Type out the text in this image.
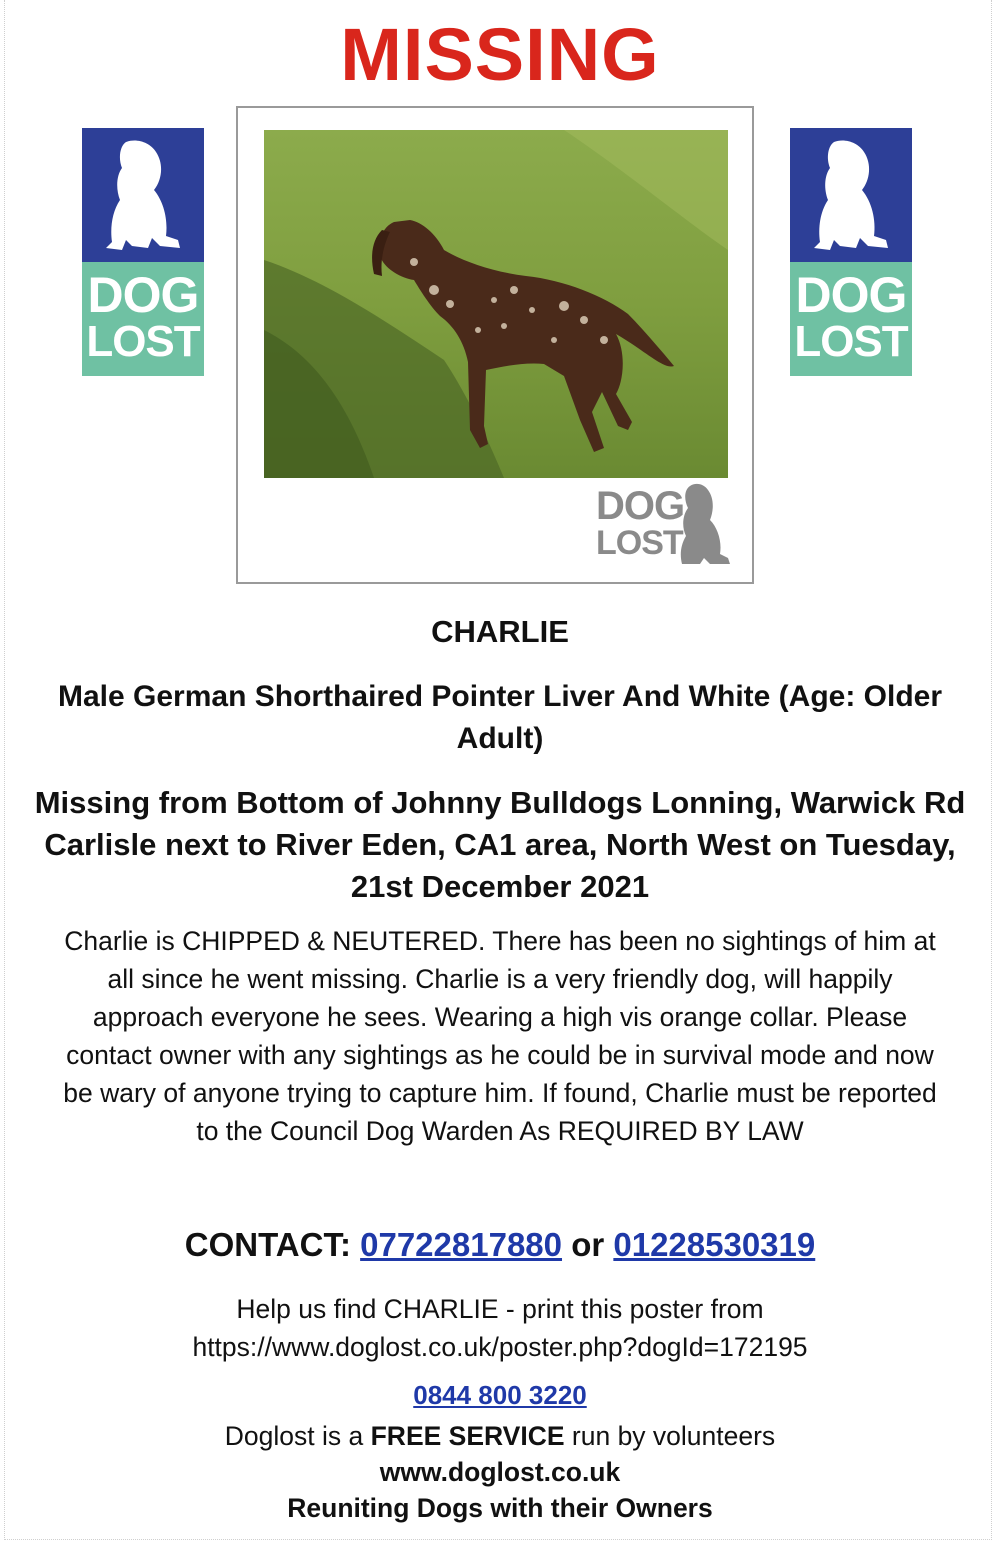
MISSING
DOG
LOST
DOG
LOST
DOG
LOST
CHARLIE
Male German Shorthaired Pointer Liver And White (Age: Older Adult)
Missing from Bottom of Johnny Bulldogs Lonning, Warwick Rd Carlisle next to River Eden, CA1 area, North West on Tuesday, 21st December 2021
Charlie is CHIPPED & NEUTERED. There has been no sightings of him at all since he went missing. Charlie is a very friendly dog, will happily approach everyone he sees. Wearing a high vis orange collar. Please contact owner with any sightings as he could be in survival mode and now be wary of anyone trying to capture him. If found, Charlie must be reported to the Council Dog Warden As REQUIRED BY LAW
CONTACT: 07722817880 or 01228530319
Help us find CHARLIE - print this poster from
https://www.doglost.co.uk/poster.php?dogId=172195
0844 800 3220
Doglost is a FREE SERVICE run by volunteers
www.doglost.co.uk
Reuniting Dogs with their Owners
